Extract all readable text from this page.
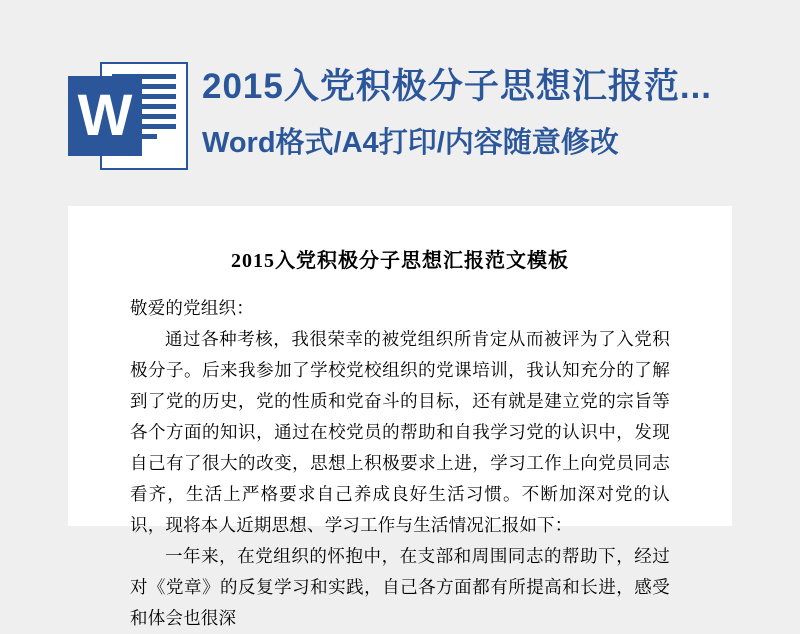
W 2015入党积极分子思想汇报范...
Word格式/A4打印/内容随意修改
2015入党积极分子思想汇报范文模板

敬爱的党组织：

通过各种考核，我很荣幸的被党组织所肯定从而被评为了入党积极分子。后来我参加了学校党校组织的党课培训，我认知充分的了解到了党的历史，党的性质和党奋斗的目标，还有就是建立党的宗旨等各个方面的知识，通过在校党员的帮助和自我学习党的认识中，发现自己有了很大的改变，思想上积极要求上进，学习工作上向党员同志看齐，生活上严格要求自己养成良好生活习惯。不断加深对党的认识，现将本人近期思想、学习工作与生活情况汇报如下：

一年来，在党组织的怀抱中，在支部和周围同志的帮助下，经过对《党章》的反复学习和实践，自己各方面都有所提高和长进，感受和体会也很深
